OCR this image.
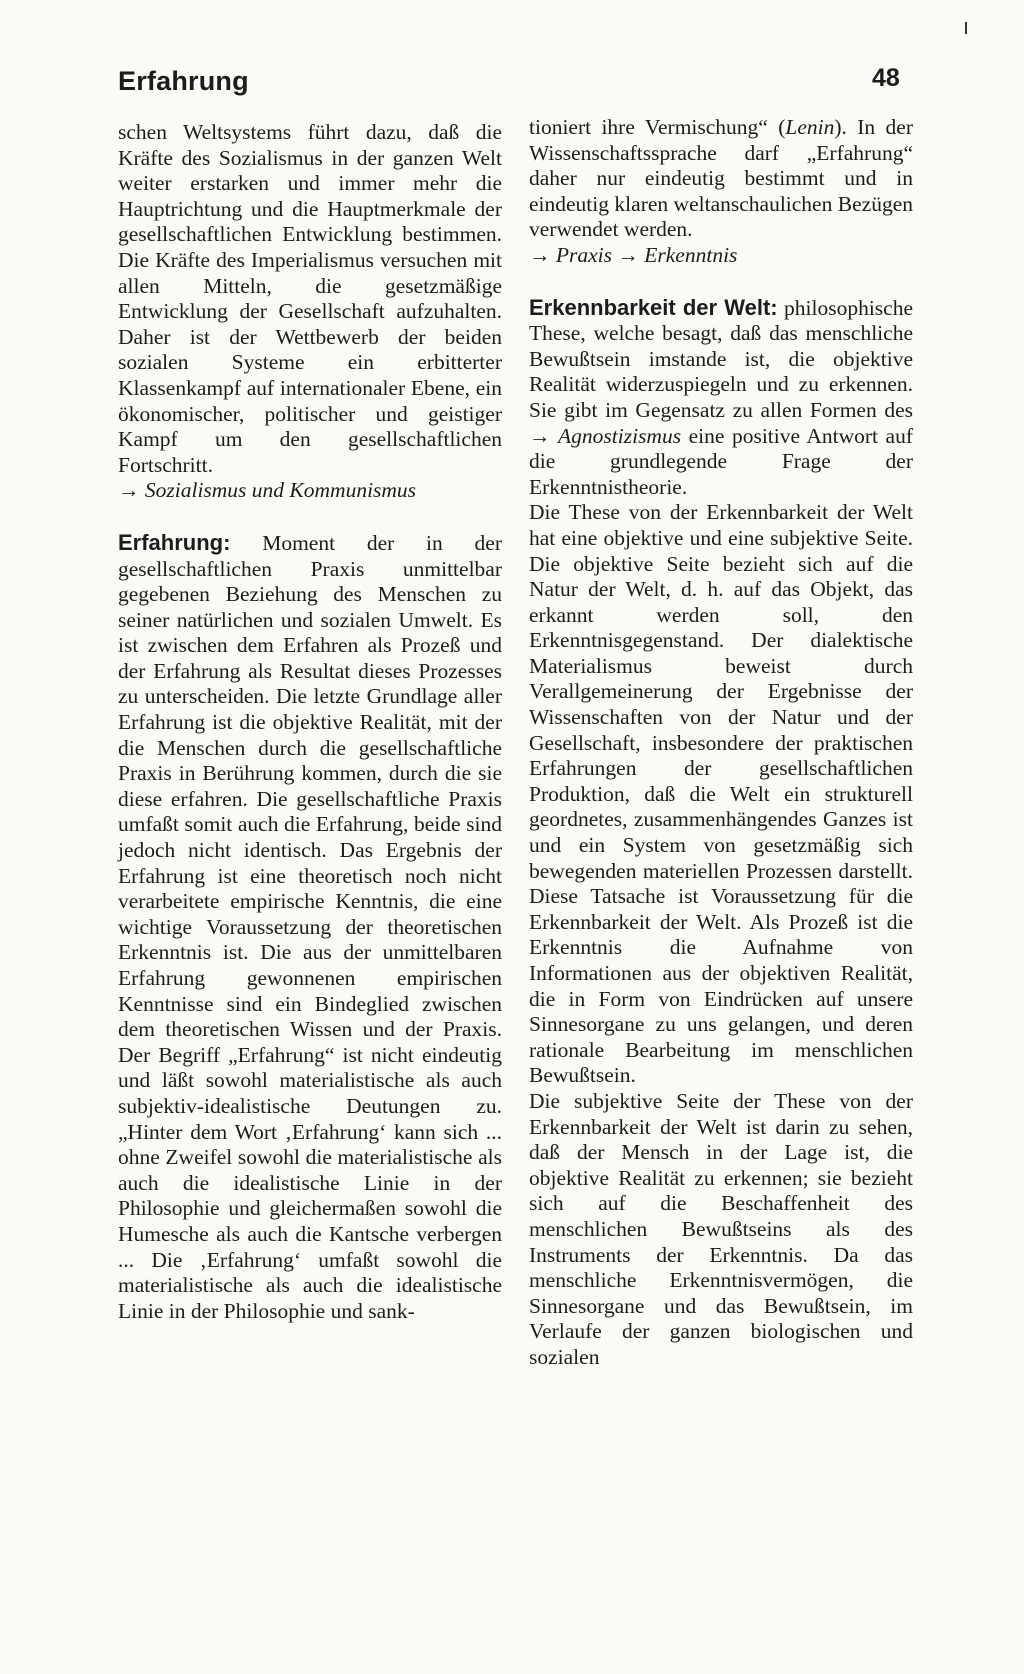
Erfahrung	48

schen Weltsystems führt dazu, daß die Kräfte des Sozialismus in der ganzen Welt weiter erstarken und immer mehr die Hauptrichtung und die Hauptmerkmale der gesellschaftlichen Entwicklung bestimmen. Die Kräfte des Imperialismus versuchen mit allen Mitteln, die gesetzmäßige Entwicklung der Gesellschaft aufzuhalten. Daher ist der Wettbewerb der beiden sozialen Systeme ein erbitterter Klassenkampf auf internationaler Ebene, ein ökonomischer, politischer und geistiger Kampf um den gesellschaftlichen Fortschritt.

→ Sozialismus und Kommunismus

Erfahrung: Moment der in der gesellschaftlichen Praxis unmittelbar gegebenen Beziehung des Menschen zu seiner natürlichen und sozialen Umwelt. Es ist zwischen dem Erfahren als Prozeß und der Erfahrung als Resultat dieses Prozesses zu unterscheiden. Die letzte Grundlage aller Erfahrung ist die objektive Realität, mit der die Menschen durch die gesellschaftliche Praxis in Berührung kommen, durch die sie diese erfahren. Die gesellschaftliche Praxis umfaßt somit auch die Erfahrung, beide sind jedoch nicht identisch. Das Ergebnis der Erfahrung ist eine theoretisch noch nicht verarbeitete empirische Kenntnis, die eine wichtige Voraussetzung der theoretischen Erkenntnis ist. Die aus der unmittelbaren Erfahrung gewonnenen empirischen Kenntnisse sind ein Bindeglied zwischen dem theoretischen Wissen und der Praxis. Der Begriff „Erfahrung“ ist nicht eindeutig und läßt sowohl materialistische als auch subjektiv-idealistische Deutungen zu. „Hinter dem Wort ‚Erfahrung‘ kann sich ... ohne Zweifel sowohl die materialistische als auch die idealistische Linie in der Philosophie und gleichermaßen sowohl die Humesche als auch die Kantsche verbergen ... Die ‚Erfahrung‘ umfaßt sowohl die materialistische als auch die idealistische Linie in der Philosophie und sank-

tioniert ihre Vermischung“ (Lenin). In der Wissenschaftssprache darf „Erfahrung“ daher nur eindeutig bestimmt und in eindeutig klaren weltanschaulichen Bezügen verwendet werden.

→ Praxis → Erkenntnis

Erkennbarkeit der Welt: philosophische These, welche besagt, daß das menschliche Bewußtsein imstande ist, die objektive Realität widerzuspiegeln und zu erkennen. Sie gibt im Gegensatz zu allen Formen des → Agnostizismus eine positive Antwort auf die grundlegende Frage der Erkenntnistheorie.

Die These von der Erkennbarkeit der Welt hat eine objektive und eine subjektive Seite. Die objektive Seite bezieht sich auf die Natur der Welt, d. h. auf das Objekt, das erkannt werden soll, den Erkenntnisgegenstand. Der dialektische Materialismus beweist durch Verallgemeinerung der Ergebnisse der Wissenschaften von der Natur und der Gesellschaft, insbesondere der praktischen Erfahrungen der gesellschaftlichen Produktion, daß die Welt ein strukturell geordnetes, zusammenhängendes Ganzes ist und ein System von gesetzmäßig sich bewegenden materiellen Prozessen darstellt. Diese Tatsache ist Voraussetzung für die Erkennbarkeit der Welt. Als Prozeß ist die Erkenntnis die Aufnahme von Informationen aus der objektiven Realität, die in Form von Eindrücken auf unsere Sinnesorgane zu uns gelangen, und deren rationale Bearbeitung im menschlichen Bewußtsein.

Die subjektive Seite der These von der Erkennbarkeit der Welt ist darin zu sehen, daß der Mensch in der Lage ist, die objektive Realität zu erkennen; sie bezieht sich auf die Beschaffenheit des menschlichen Bewußtseins als des Instruments der Erkenntnis. Da das menschliche Erkenntnisvermögen, die Sinnesorgane und das Bewußtsein, im Verlaufe der ganzen biologischen und sozialen
